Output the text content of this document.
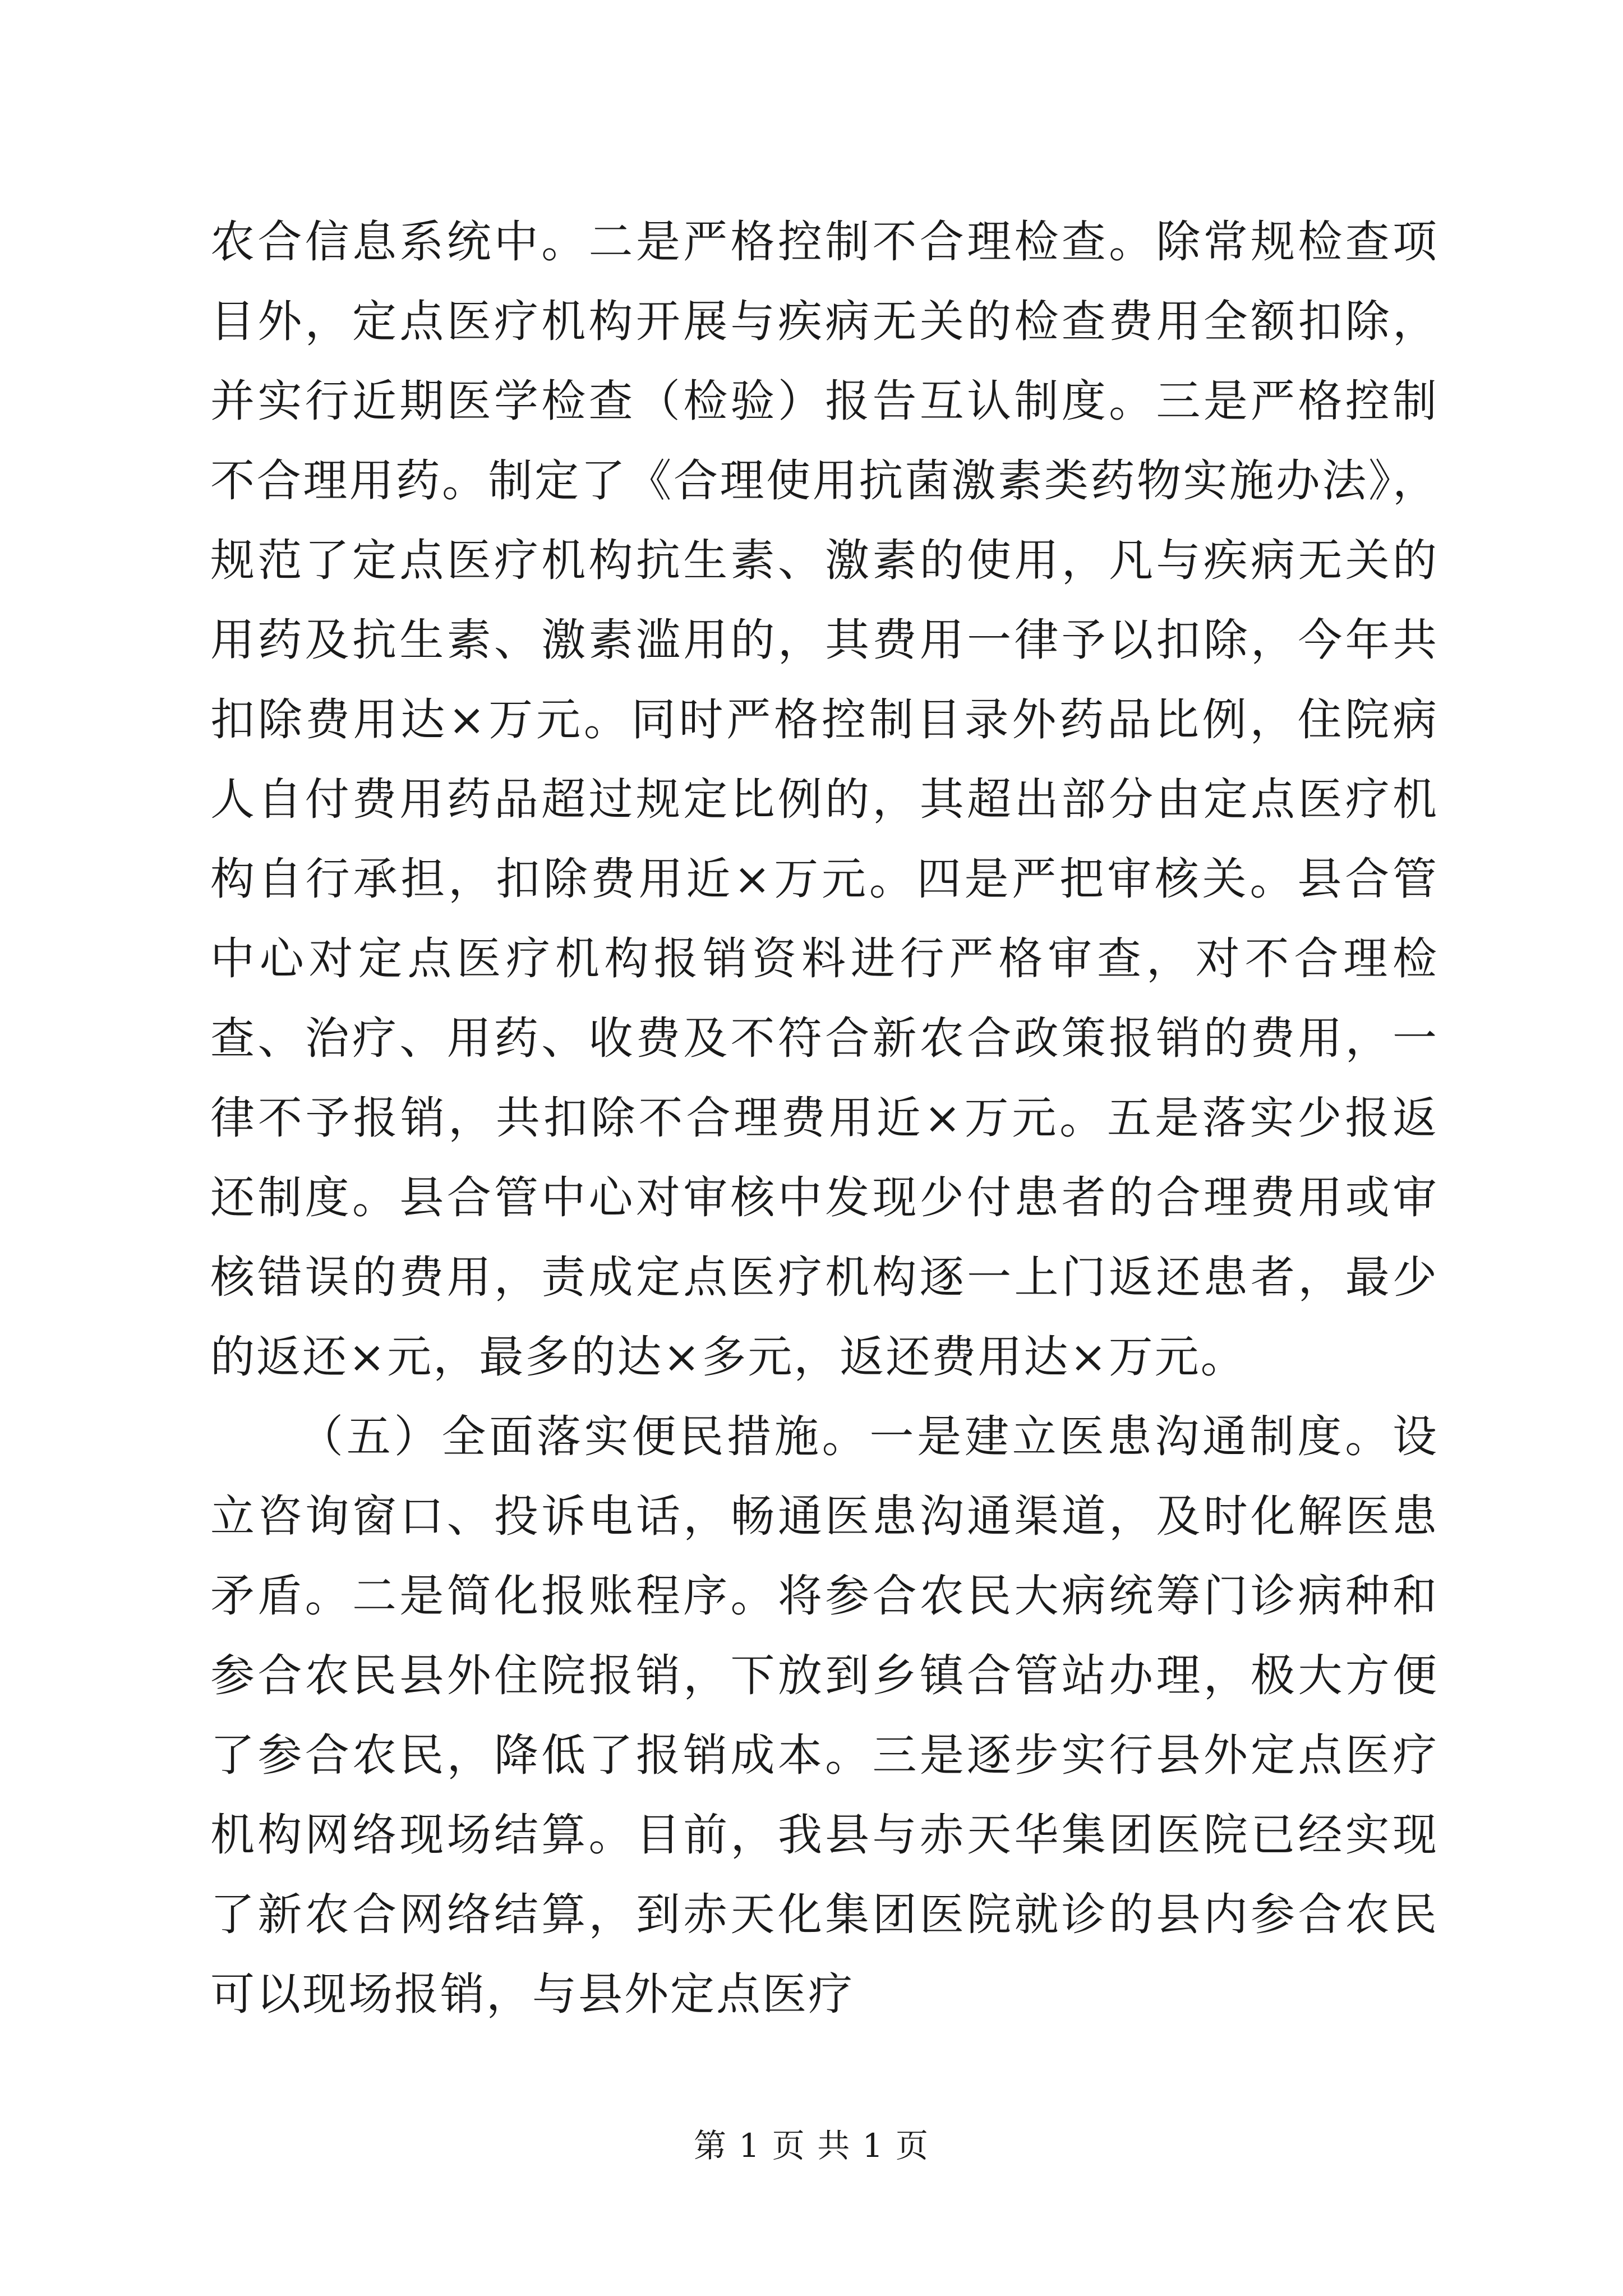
农合信息系统中。二是严格控制不合理检查。除常规检查项目外，定点医疗机构开展与疾病无关的检查费用全额扣除，并实行近期医学检查（检验）报告互认制度。三是严格控制不合理用药。制定了《合理使用抗菌激素类药物实施办法》，规范了定点医疗机构抗生素、激素的使用，凡与疾病无关的用药及抗生素、激素滥用的，其费用一律予以扣除，今年共扣除费用达×万元。同时严格控制目录外药品比例，住院病人自付费用药品超过规定比例的，其超出部分由定点医疗机构自行承担，扣除费用近×万元。四是严把审核关。县合管中心对定点医疗机构报销资料进行严格审查，对不合理检查、治疗、用药、收费及不符合新农合政策报销的费用，一律不予报销，共扣除不合理费用近×万元。五是落实少报返还制度。县合管中心对审核中发现少付患者的合理费用或审核错误的费用，责成定点医疗机构逐一上门返还患者，最少的返还×元，最多的达×多元，返还费用达×万元。

（五）全面落实便民措施。一是建立医患沟通制度。设立咨询窗口、投诉电话，畅通医患沟通渠道，及时化解医患矛盾。二是简化报账程序。将参合农民大病统筹门诊病种和参合农民县外住院报销，下放到乡镇合管站办理，极大方便了参合农民，降低了报销成本。三是逐步实行县外定点医疗机构网络现场结算。目前，我县与赤天华集团医院已经实现了新农合网络结算，到赤天化集团医院就诊的县内参合农民可以现场报销，与县外定点医疗

第 1 页 共 1 页
